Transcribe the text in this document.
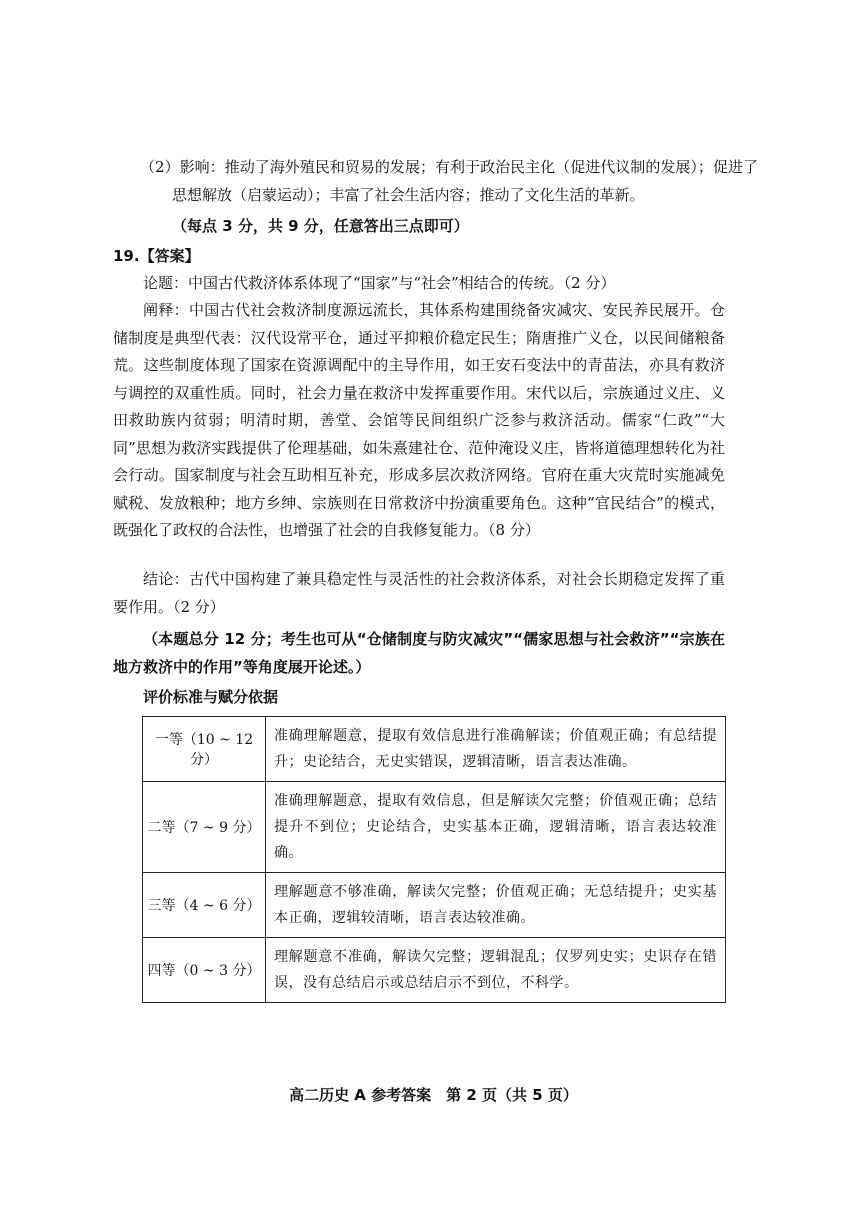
（2）影响：推动了海外殖民和贸易的发展；有利于政治民主化（促进代议制的发展）；促进了思想解放（启蒙运动）；丰富了社会生活内容；推动了文化生活的革新。
（每点 3 分，共 9 分，任意答出三点即可）
19.【答案】
论题：中国古代救济体系体现了“国家”与“社会”相结合的传统。（2 分）
阐释：中国古代社会救济制度源远流长，其体系构建围绕备灾减灾、安民养民展开。仓储制度是典型代表：汉代设常平仓，通过平抑粮价稳定民生；隋唐推广义仓，以民间储粮备荒。这些制度体现了国家在资源调配中的主导作用，如王安石变法中的青苗法，亦具有救济与调控的双重性质。同时，社会力量在救济中发挥重要作用。宋代以后，宗族通过义庄、义田救助族内贫弱；明清时期，善堂、会馆等民间组织广泛参与救济活动。儒家“仁政”“大同”思想为救济实践提供了伦理基础，如朱熹建社仓、范仲淹设义庄，皆将道德理想转化为社会行动。国家制度与社会互助相互补充，形成多层次救济网络。官府在重大灾荒时实施减免赋税、发放粮种；地方乡绅、宗族则在日常救济中扮演重要角色。这种“官民结合”的模式，既强化了政权的合法性，也增强了社会的自我修复能力。（8 分）
结论：古代中国构建了兼具稳定性与灵活性的社会救济体系，对社会长期稳定发挥了重要作用。（2 分）
（本题总分 12 分；考生也可从“仓储制度与防灾减灾”“儒家思想与社会救济”“宗族在地方救济中的作用”等角度展开论述。）
评价标准与赋分依据
一等（10 ~ 12 分）	准确理解题意，提取有效信息进行准确解读；价值观正确；有总结提升；史论结合，无史实错误，逻辑清晰，语言表达准确。
二等（7 ~ 9 分）	准确理解题意，提取有效信息，但是解读欠完整；价值观正确；总结提升不到位；史论结合，史实基本正确，逻辑清晰，语言表达较准确。
三等（4 ~ 6 分）	理解题意不够准确，解读欠完整；价值观正确；无总结提升；史实基本正确，逻辑较清晰，语言表达较准确。
四等（0 ~ 3 分）	理解题意不准确，解读欠完整；逻辑混乱；仅罗列史实；史识存在错误，没有总结启示或总结启示不到位，不科学。
高二历史 A 参考答案　第 2 页（共 5 页）
